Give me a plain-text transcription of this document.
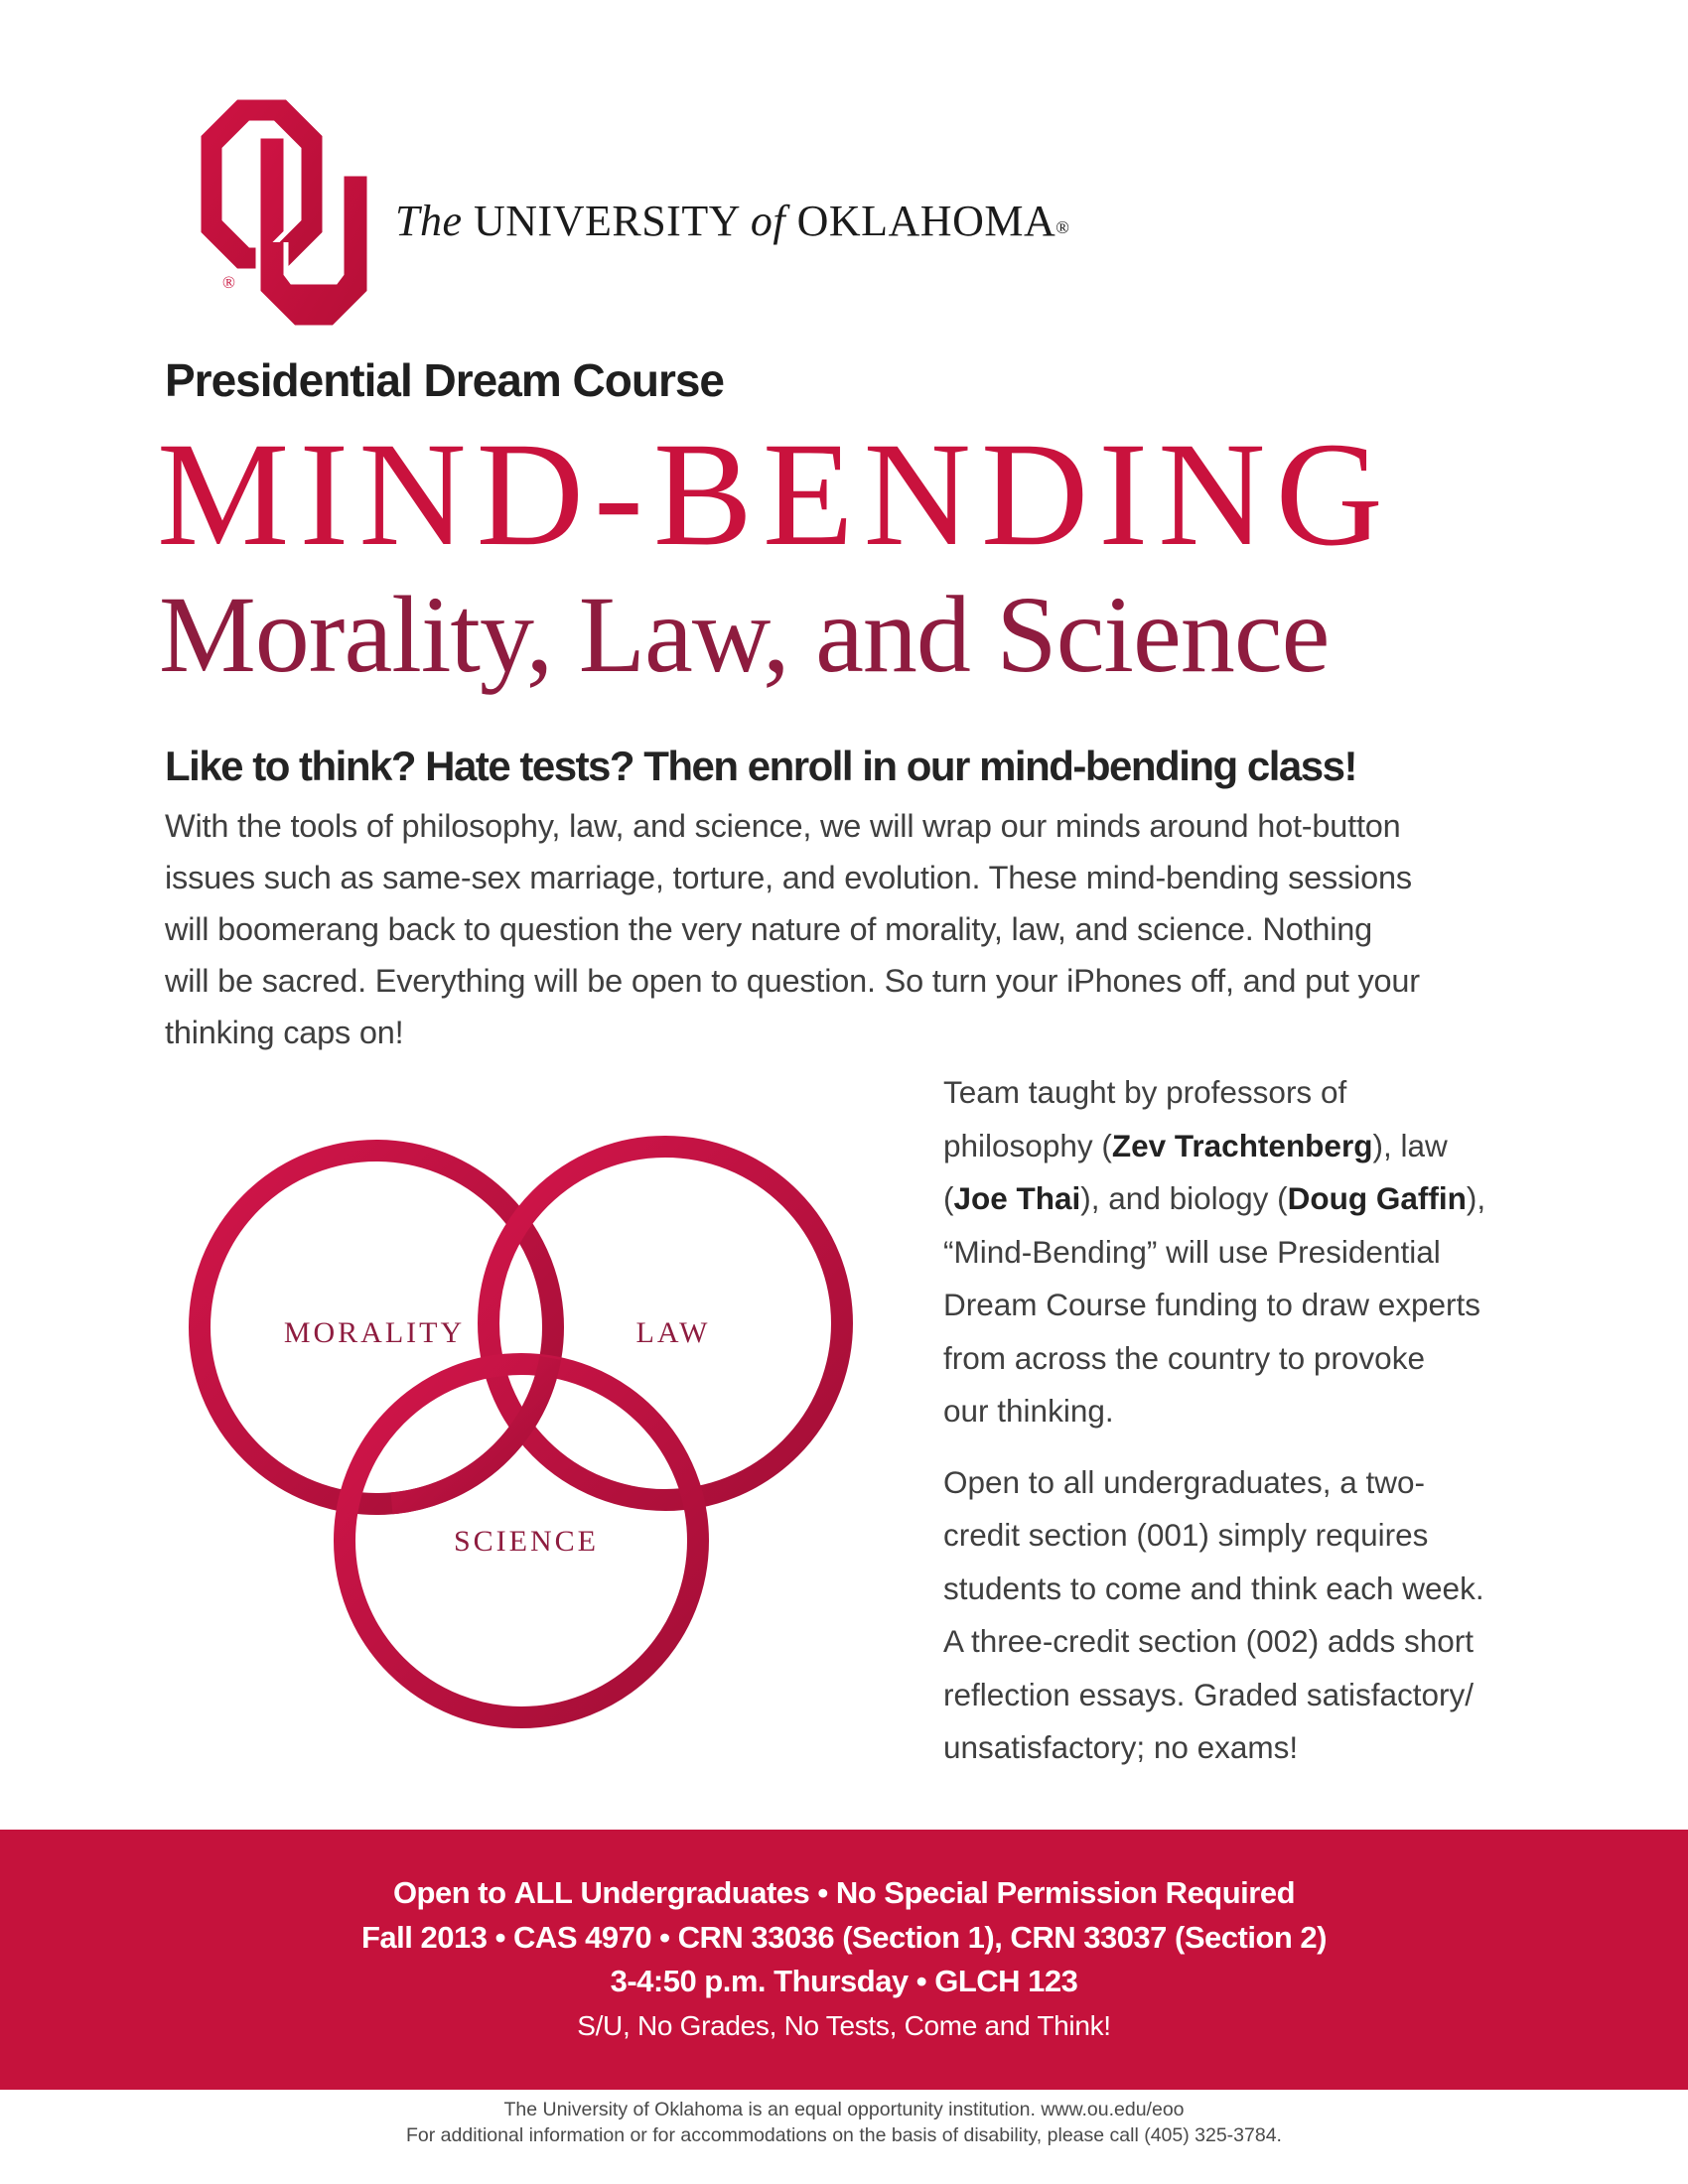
®
The UNIVERSITY of OKLAHOMA®
Presidential Dream Course
MIND-BENDING
Morality, Law, and Science
Like to think? Hate tests? Then enroll in our mind-bending class!
With the tools of philosophy, law, and science, we will wrap our minds around hot-button
issues such as same-sex marriage, torture, and evolution. These mind-bending sessions
will boomerang back to question the very nature of morality, law, and science. Nothing
will be sacred. Everything will be open to question. So turn your iPhones off, and put your
thinking caps on!
MORALITY	LAW
SCIENCE
Team taught by professors of
philosophy (Zev Trachtenberg), law
(Joe Thai), and biology (Doug Gaffin),
“Mind-Bending” will use Presidential
Dream Course funding to draw experts
from across the country to provoke
our thinking.
Open to all undergraduates, a two-
credit section (001) simply requires
students to come and think each week.
A three-credit section (002) adds short
reflection essays. Graded satisfactory/
unsatisfactory; no exams!
Open to ALL Undergraduates • No Special Permission Required
Fall 2013 • CAS 4970 • CRN 33036 (Section 1), CRN 33037 (Section 2)
3-4:50 p.m. Thursday • GLCH 123
S/U, No Grades, No Tests, Come and Think!
The University of Oklahoma is an equal opportunity institution. www.ou.edu/eoo
For additional information or for accommodations on the basis of disability, please call (405) 325-3784.
